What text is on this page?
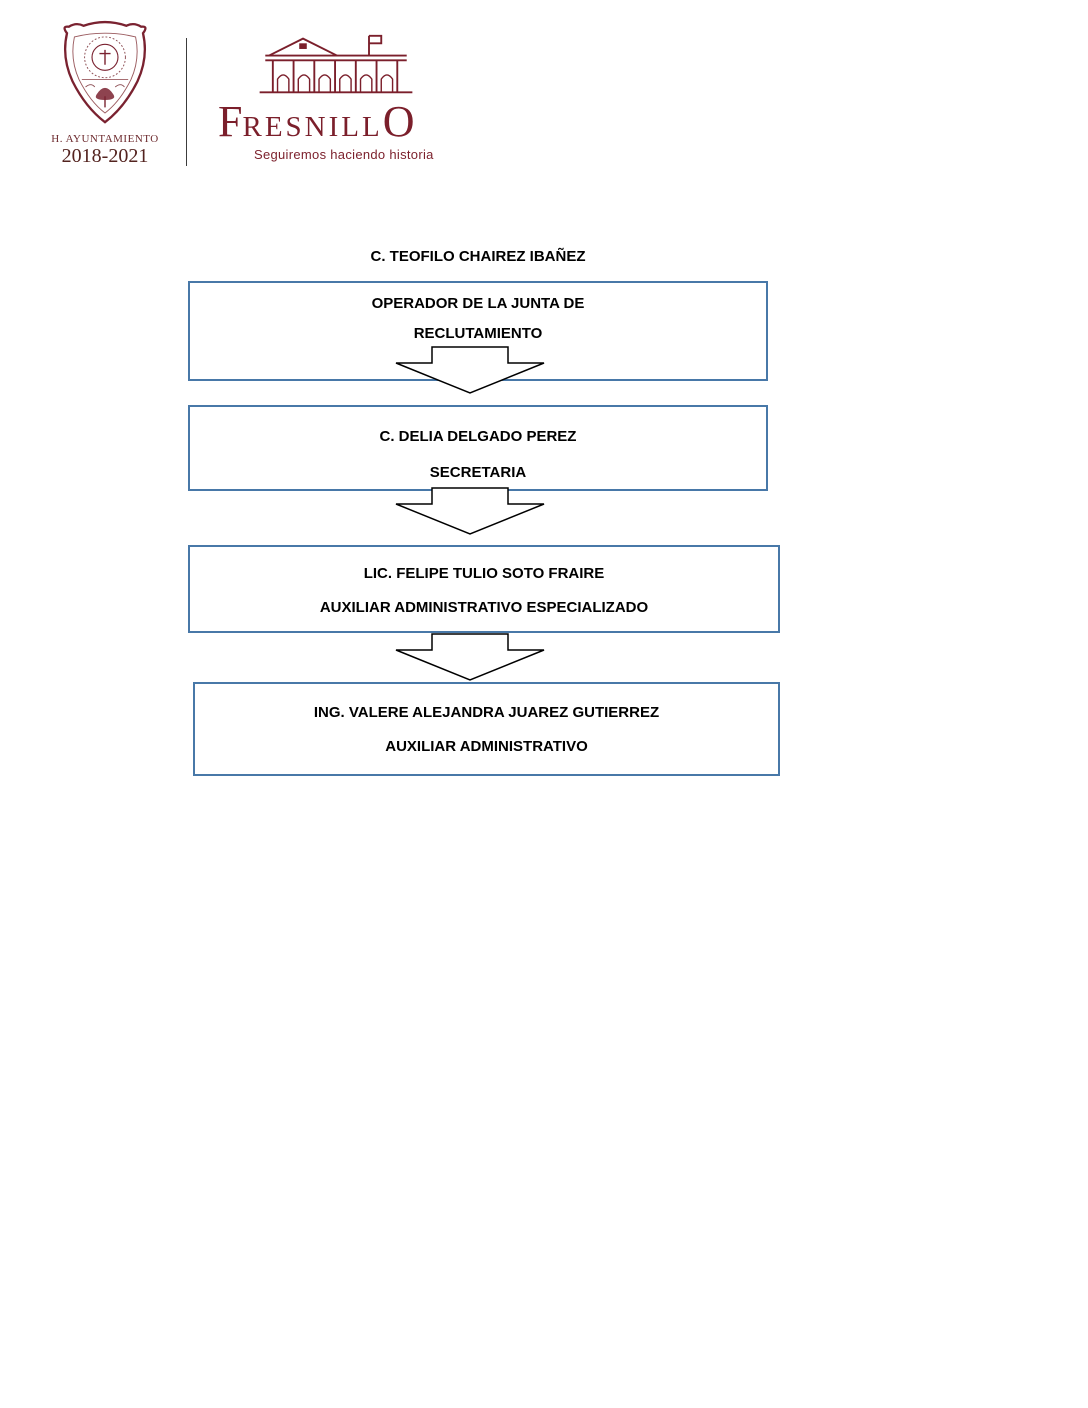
H. AYUNTAMIENTO
2018-2021
F RESNILL O
Seguiremos haciendo historia
C. TEOFILO CHAIREZ IBAÑEZ
OPERADOR DE LA JUNTA DE
RECLUTAMIENTO
C. DELIA DELGADO PEREZ
SECRETARIA
LIC. FELIPE TULIO SOTO FRAIRE
AUXILIAR ADMINISTRATIVO ESPECIALIZADO
ING. VALERE ALEJANDRA JUAREZ GUTIERREZ
AUXILIAR ADMINISTRATIVO
